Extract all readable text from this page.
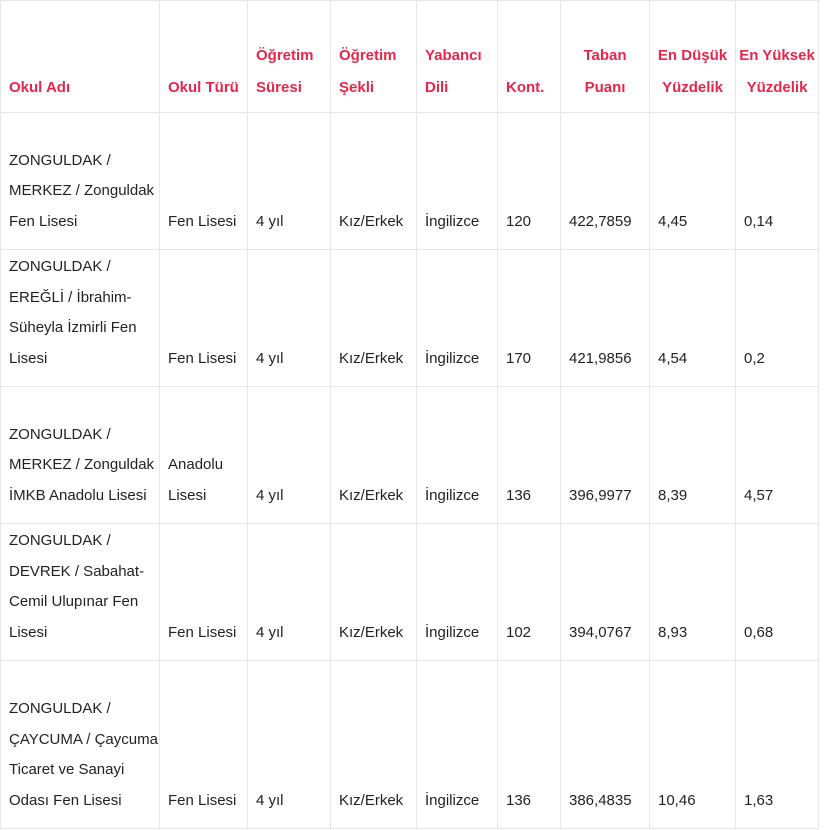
Okul Adı	Okul Türü	Öğretim Süresi	Öğretim Şekli	Yabancı Dili	Kont.	Taban Puanı	En Düşük Yüzdelik	En Yüksek Yüzdelik
ZONGULDAK / MERKEZ / Zonguldak Fen Lisesi	Fen Lisesi	4 yıl	Kız/Erkek	İngilizce	120	422,7859	4,45	0,14
ZONGULDAK / EREĞLİ / İbrahim-Süheyla İzmirli Fen Lisesi	Fen Lisesi	4 yıl	Kız/Erkek	İngilizce	170	421,9856	4,54	0,2
ZONGULDAK / MERKEZ / Zonguldak İMKB Anadolu Lisesi	Anadolu Lisesi	4 yıl	Kız/Erkek	İngilizce	136	396,9977	8,39	4,57
ZONGULDAK / DEVREK / Sabahat-Cemil Ulupınar Fen Lisesi	Fen Lisesi	4 yıl	Kız/Erkek	İngilizce	102	394,0767	8,93	0,68
ZONGULDAK / ÇAYCUMA / Çaycuma Ticaret ve Sanayi Odası Fen Lisesi	Fen Lisesi	4 yıl	Kız/Erkek	İngilizce	136	386,4835	10,46	1,63
